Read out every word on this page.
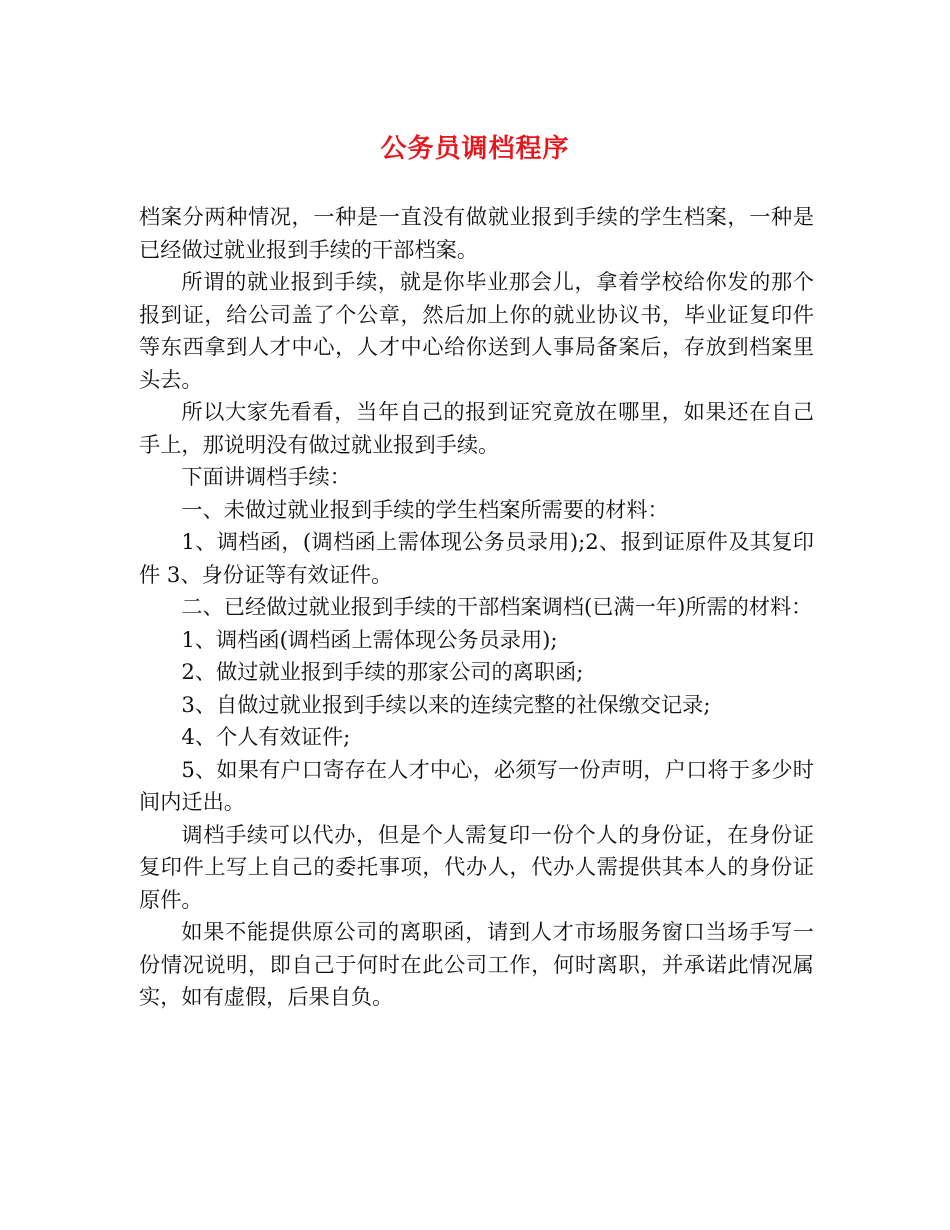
公务员调档程序

档案分两种情况，一种是一直没有做就业报到手续的学生档案，一种是已经做过就业报到手续的干部档案。

所谓的就业报到手续，就是你毕业那会儿，拿着学校给你发的那个报到证，给公司盖了个公章，然后加上你的就业协议书，毕业证复印件等东西拿到人才中心，人才中心给你送到人事局备案后，存放到档案里头去。

所以大家先看看，当年自己的报到证究竟放在哪里，如果还在自己手上，那说明没有做过就业报到手续。

下面讲调档手续：

一、未做过就业报到手续的学生档案所需要的材料：

1、调档函，(调档函上需体现公务员录用);2、报到证原件及其复印件 3、身份证等有效证件。

二、已经做过就业报到手续的干部档案调档(已满一年)所需的材料：

1、调档函(调档函上需体现公务员录用);

2、做过就业报到手续的那家公司的离职函;

3、自做过就业报到手续以来的连续完整的社保缴交记录;

4、个人有效证件;

5、如果有户口寄存在人才中心，必须写一份声明，户口将于多少时间内迁出。

调档手续可以代办，但是个人需复印一份个人的身份证，在身份证复印件上写上自己的委托事项，代办人，代办人需提供其本人的身份证原件。

如果不能提供原公司的离职函，请到人才市场服务窗口当场手写一份情况说明，即自己于何时在此公司工作，何时离职，并承诺此情况属实，如有虚假，后果自负。
